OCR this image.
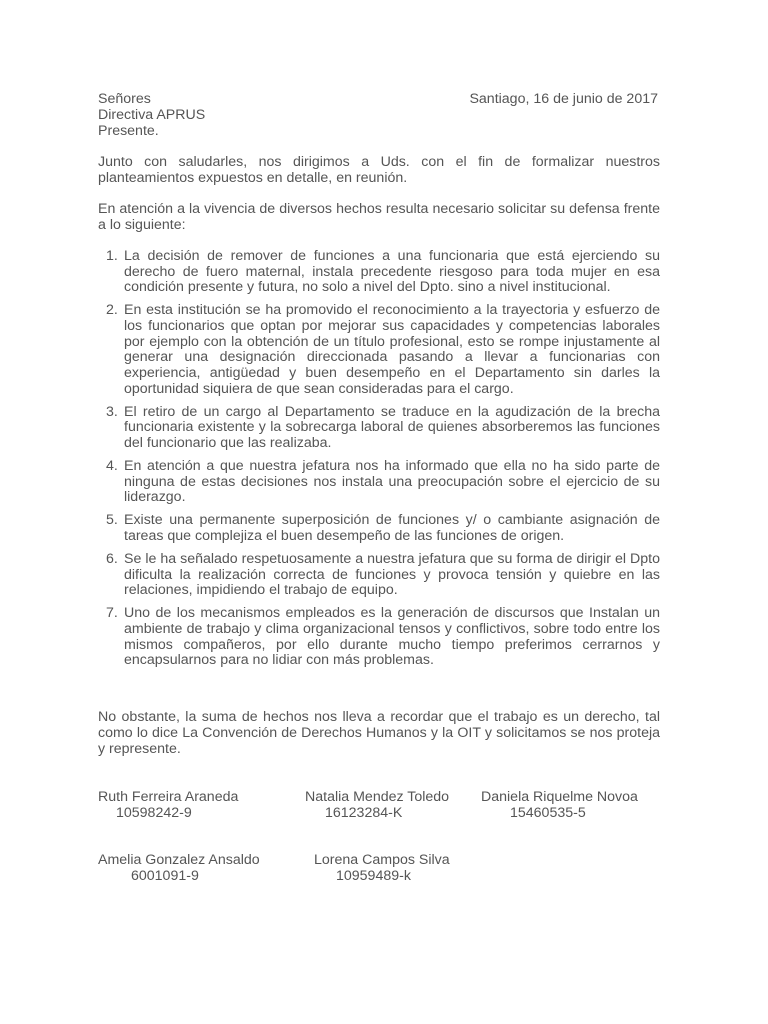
Señores
Directiva APRUS
Presente.
Santiago, 16 de junio de 2017
Junto con saludarles, nos dirigimos a Uds. con el fin de formalizar nuestros planteamientos expuestos en detalle, en reunión.
En atención a la vivencia de diversos hechos resulta necesario solicitar su defensa frente a lo siguiente:
1. La decisión de remover de funciones a una funcionaria que está ejerciendo su derecho de fuero maternal, instala precedente riesgoso para toda mujer en esa condición presente y futura, no solo a nivel del Dpto. sino a nivel institucional.
2. En esta institución se ha promovido el reconocimiento a la trayectoria y esfuerzo de los funcionarios que optan por mejorar sus capacidades y competencias laborales por ejemplo con la obtención de un título profesional, esto se rompe injustamente al generar una designación direccionada pasando a llevar a funcionarias con experiencia, antigüedad y buen desempeño en el Departamento sin darles la oportunidad siquiera de que sean consideradas para el cargo.
3. El retiro de un cargo al Departamento se traduce en la agudización de la brecha funcionaria existente y la sobrecarga laboral de quienes absorberemos las funciones del funcionario que las realizaba.
4. En atención a que nuestra jefatura nos ha informado que ella no ha sido parte de ninguna de estas decisiones nos instala una preocupación sobre el ejercicio de su liderazgo.
5. Existe una permanente superposición de funciones y/ o cambiante asignación de tareas que complejiza el buen desempeño de las funciones de origen.
6. Se le ha señalado respetuosamente a nuestra jefatura que su forma de dirigir el Dpto dificulta la realización correcta de funciones y provoca tensión y quiebre en las relaciones, impidiendo el trabajo de equipo.
7. Uno de los mecanismos empleados es la generación de discursos que Instalan un ambiente de trabajo y clima organizacional tensos y conflictivos, sobre todo entre los mismos compañeros, por ello durante mucho tiempo preferimos cerrarnos y encapsularnos para no lidiar con más problemas.
No obstante, la suma de hechos nos lleva a recordar que el trabajo es un derecho, tal como lo dice La Convención de Derechos Humanos y la OIT y solicitamos se nos proteja y represente.
Ruth Ferreira Araneda
10598242-9
Natalia Mendez Toledo
16123284-K
Daniela Riquelme Novoa
15460535-5
Amelia Gonzalez Ansaldo
6001091-9
Lorena Campos Silva
10959489-k
